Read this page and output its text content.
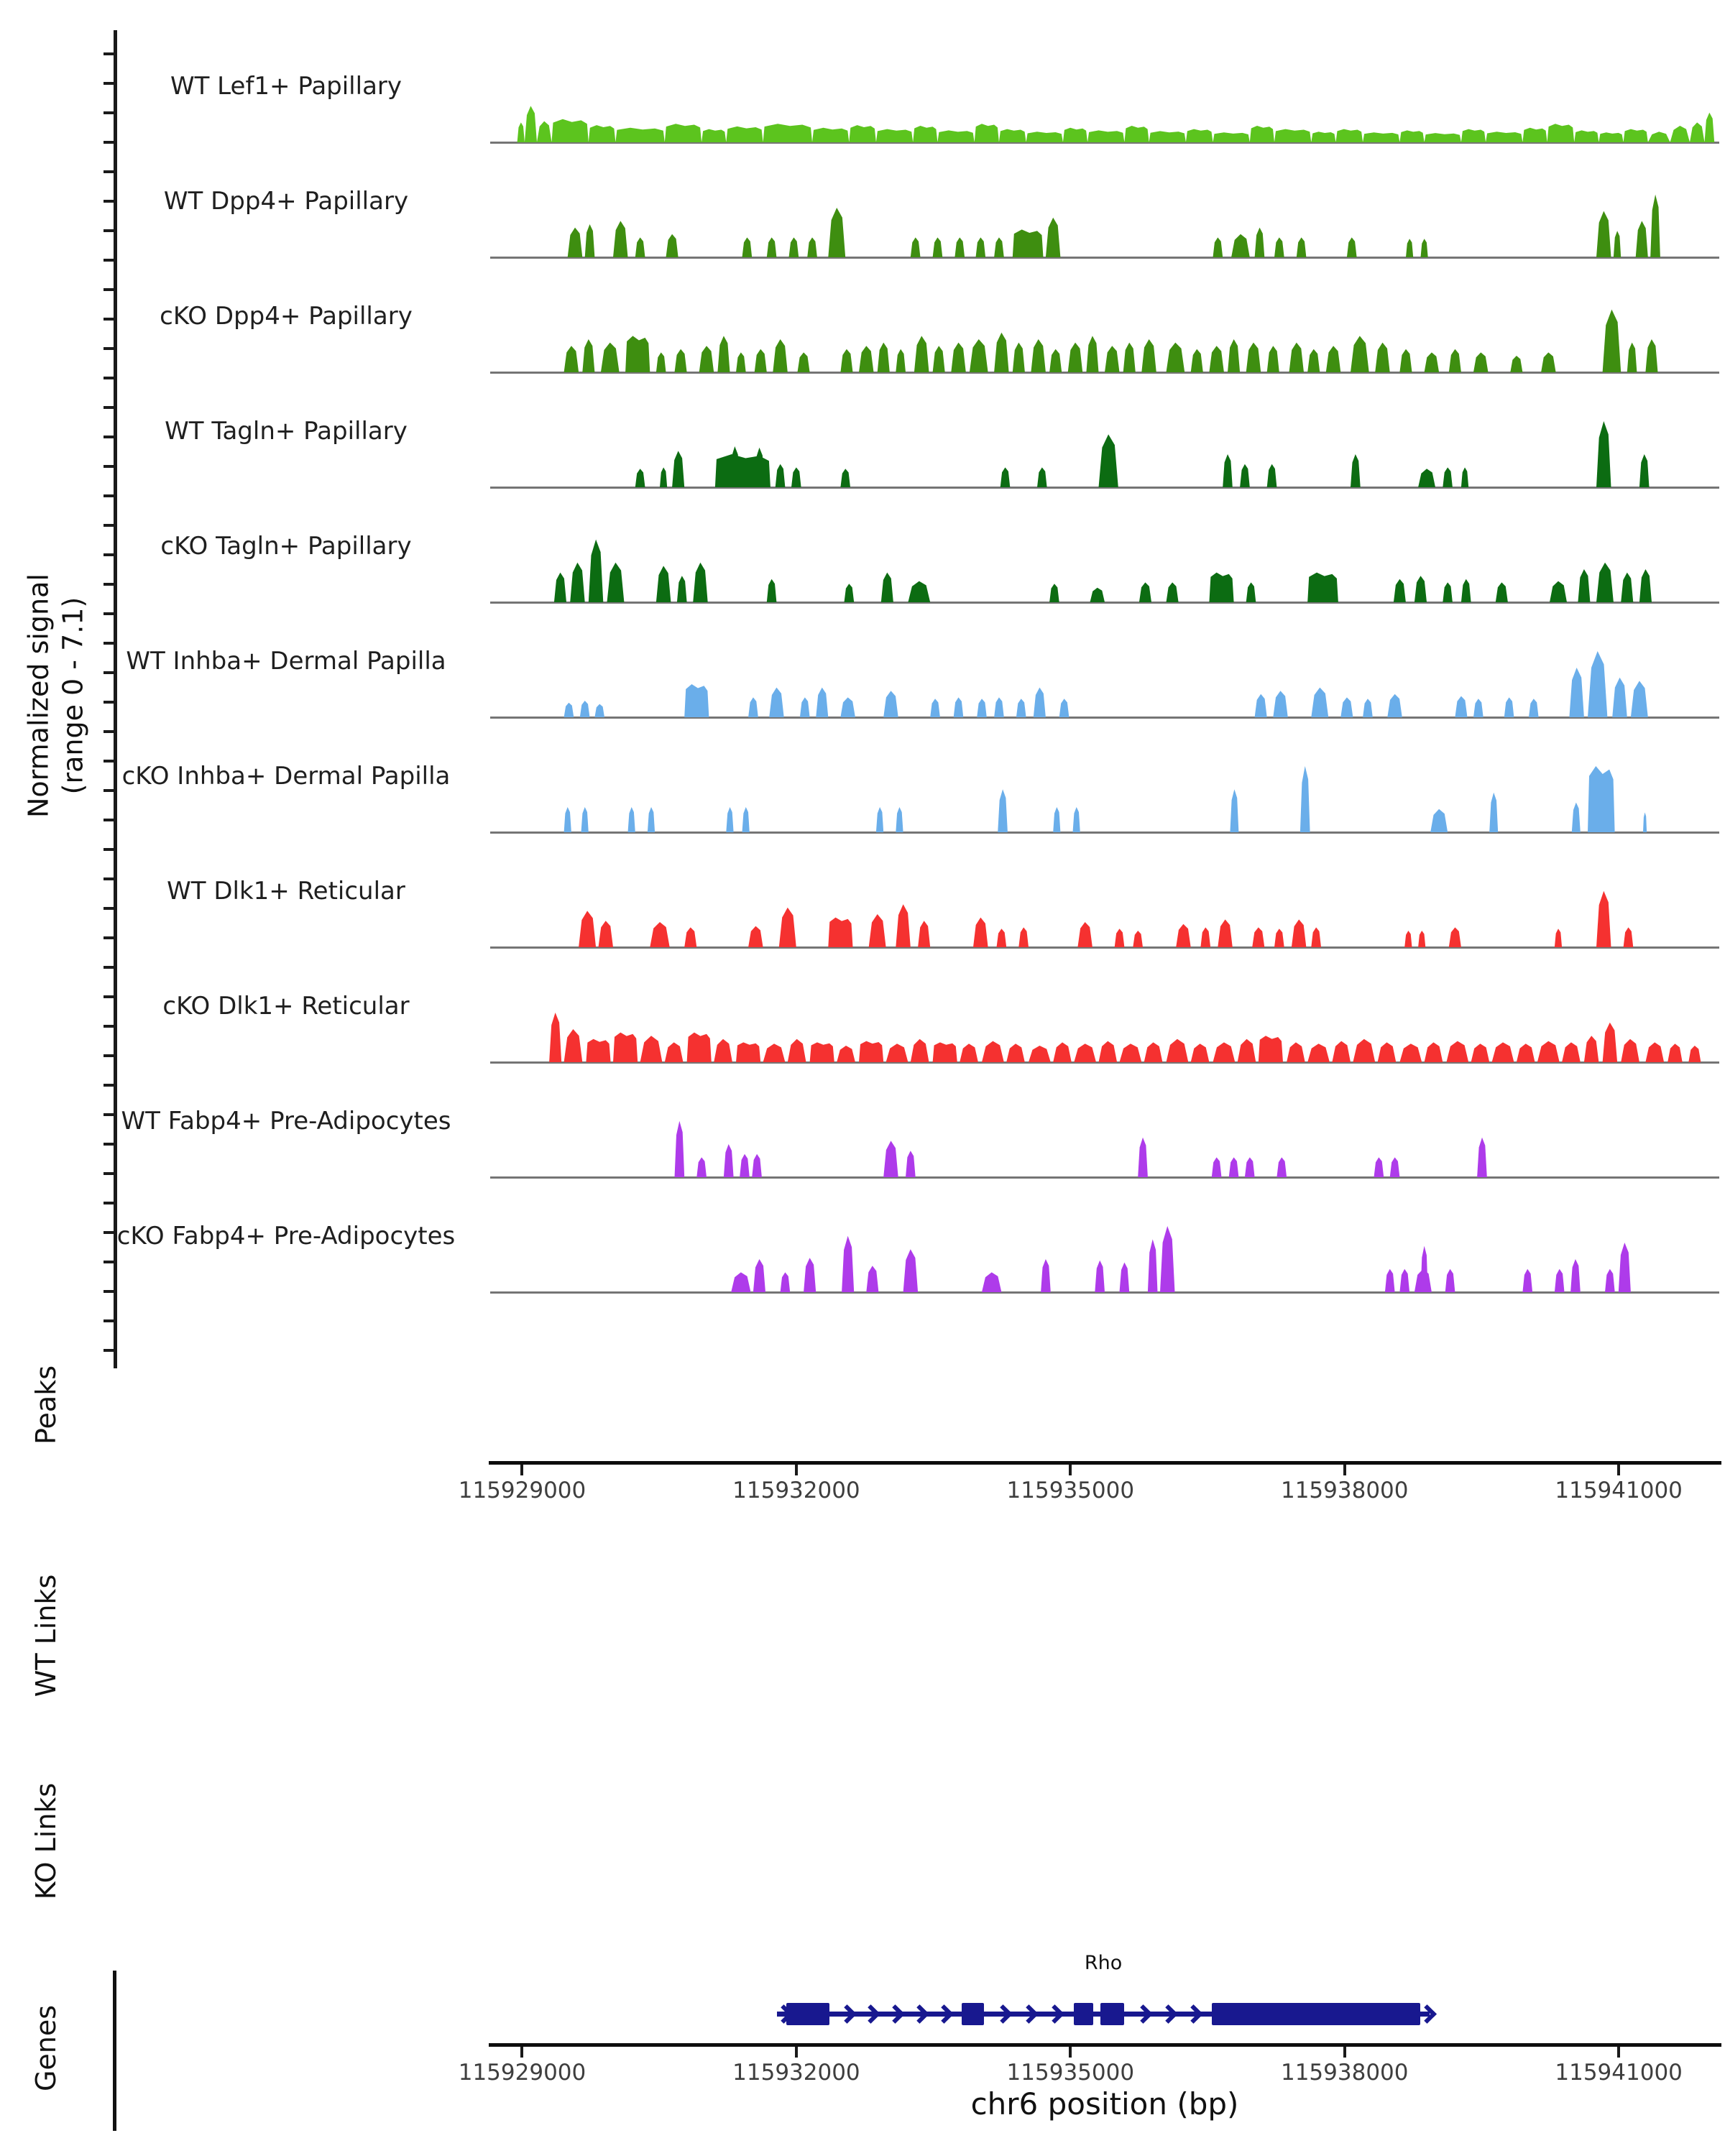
Normalized signal (range 0 - 7.1)
WT Lef1+ Papillary
WT Dpp4+ Papillary
cKO Dpp4+ Papillary
WT Tagln+ Papillary
cKO Tagln+ Papillary
WT Inhba+ Dermal Papilla
cKO Inhba+ Dermal Papilla
WT Dlk1+ Reticular
cKO Dlk1+ Reticular
WT Fabp4+ Pre-Adipocytes
cKO Fabp4+ Pre-Adipocytes
Peaks
WT Links
KO Links
Genes
115929000	115932000	115935000	115938000	115941000
Rho
115929000	115932000	115935000	115938000	115941000
chr6 position (bp)
